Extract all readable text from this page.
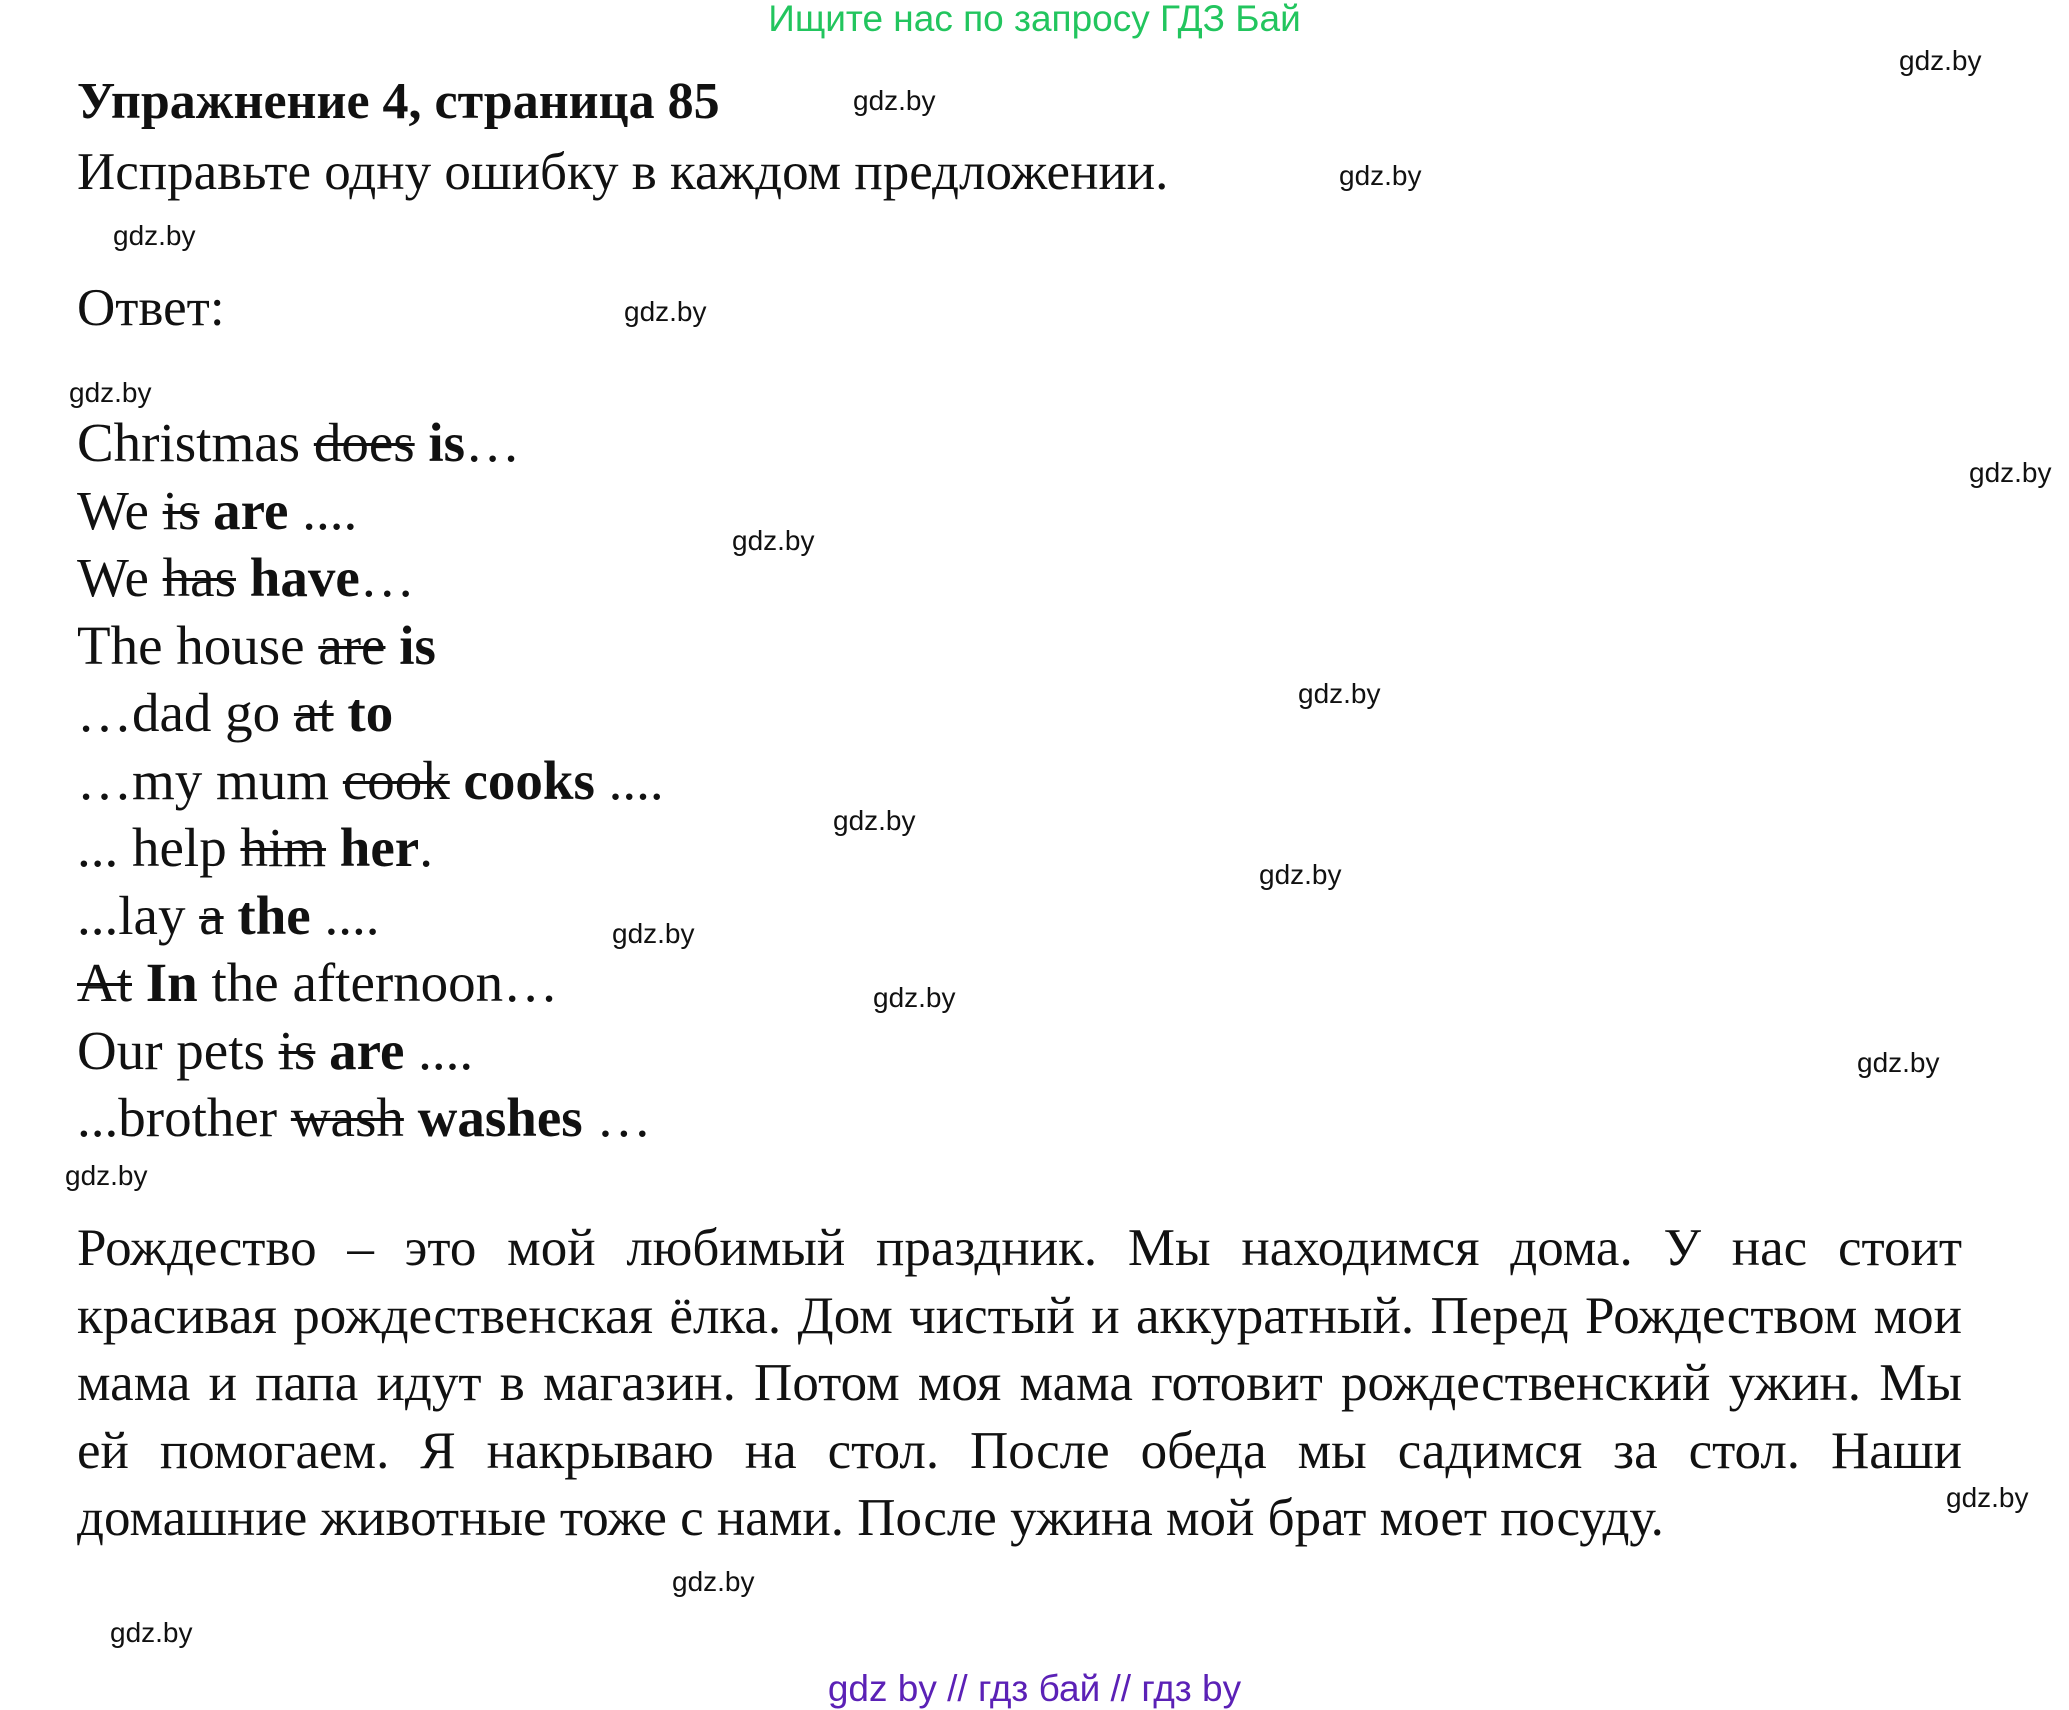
Ищите нас по запросу ГДЗ Бай
Упражнение 4, страница 85
Исправьте одну ошибку в каждом предложении.
Ответ:
Christmas does is…
We is are ....
We has have…
The house are is
…dad go at to
…my mum cook cooks ....
... help him her.
...lay a the ....
At In the afternoon…
Our pets is are ....
...brother wash washes …

Рождество – это мой любимый праздник. Мы находимся дома. У нас стоит красивая рождественская ёлка. Дом чистый и аккуратный. Перед Рождеством мои мама и папа идут в магазин. Потом моя мама готовит рождественский ужин. Мы ей помогаем. Я накрываю на стол. После обеда мы садимся за стол. Наши домашние животные тоже с нами. После ужина мой брат моет посуду.

gdz.by
gdz.by
gdz.by
gdz.by
gdz.by
gdz.by
gdz.by
gdz.by
gdz.by
gdz.by
gdz.by
gdz.by
gdz.by
gdz.by
gdz.by
gdz.by
gdz.by
gdz.by
gdz by // гдз бай // гдз by
